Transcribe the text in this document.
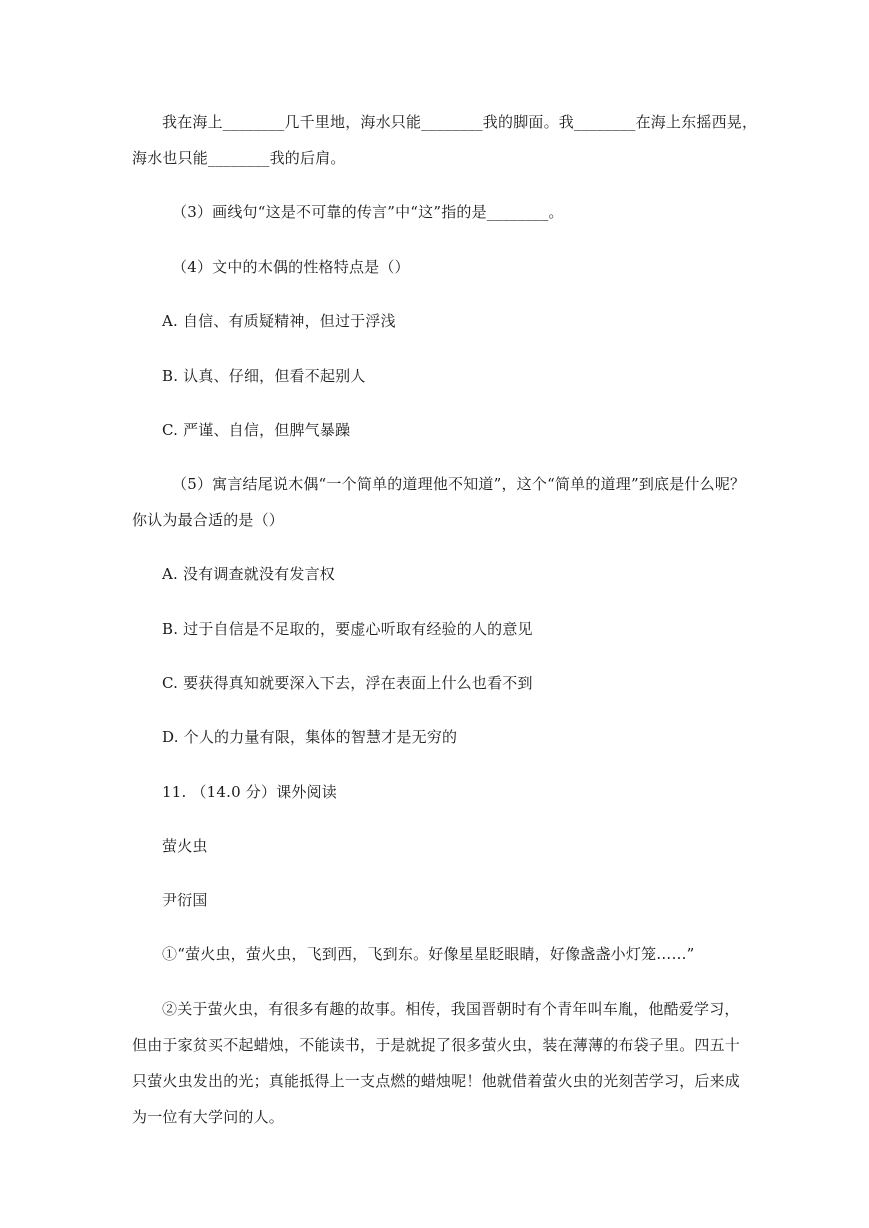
我在海上________几千里地，海水只能________我的脚面。我________在海上东摇西晃，
海水也只能________我的后肩。
（3）画线句“这是不可靠的传言”中“这”指的是________。
（4）文中的木偶的性格特点是（）
A. 自信、有质疑精神，但过于浮浅
B. 认真、仔细，但看不起别人
C. 严谨、自信，但脾气暴躁
（5）寓言结尾说木偶“一个简单的道理他不知道”，这个“简单的道理”到底是什么呢？
你认为最合适的是（）
A. 没有调查就没有发言权
B. 过于自信是不足取的，要虚心听取有经验的人的意见
C. 要获得真知就要深入下去，浮在表面上什么也看不到
D. 个人的力量有限，集体的智慧才是无穷的
11. （14.0 分）课外阅读
萤火虫
尹衍国
①“萤火虫，萤火虫，飞到西，飞到东。好像星星眨眼睛，好像盏盏小灯笼……”
②关于萤火虫，有很多有趣的故事。相传，我国晋朝时有个青年叫车胤，他酷爱学习，
但由于家贫买不起蜡烛，不能读书，于是就捉了很多萤火虫，装在薄薄的布袋子里。四五十
只萤火虫发出的光；真能抵得上一支点燃的蜡烛呢！他就借着萤火虫的光刻苦学习，后来成
为一位有大学问的人。
